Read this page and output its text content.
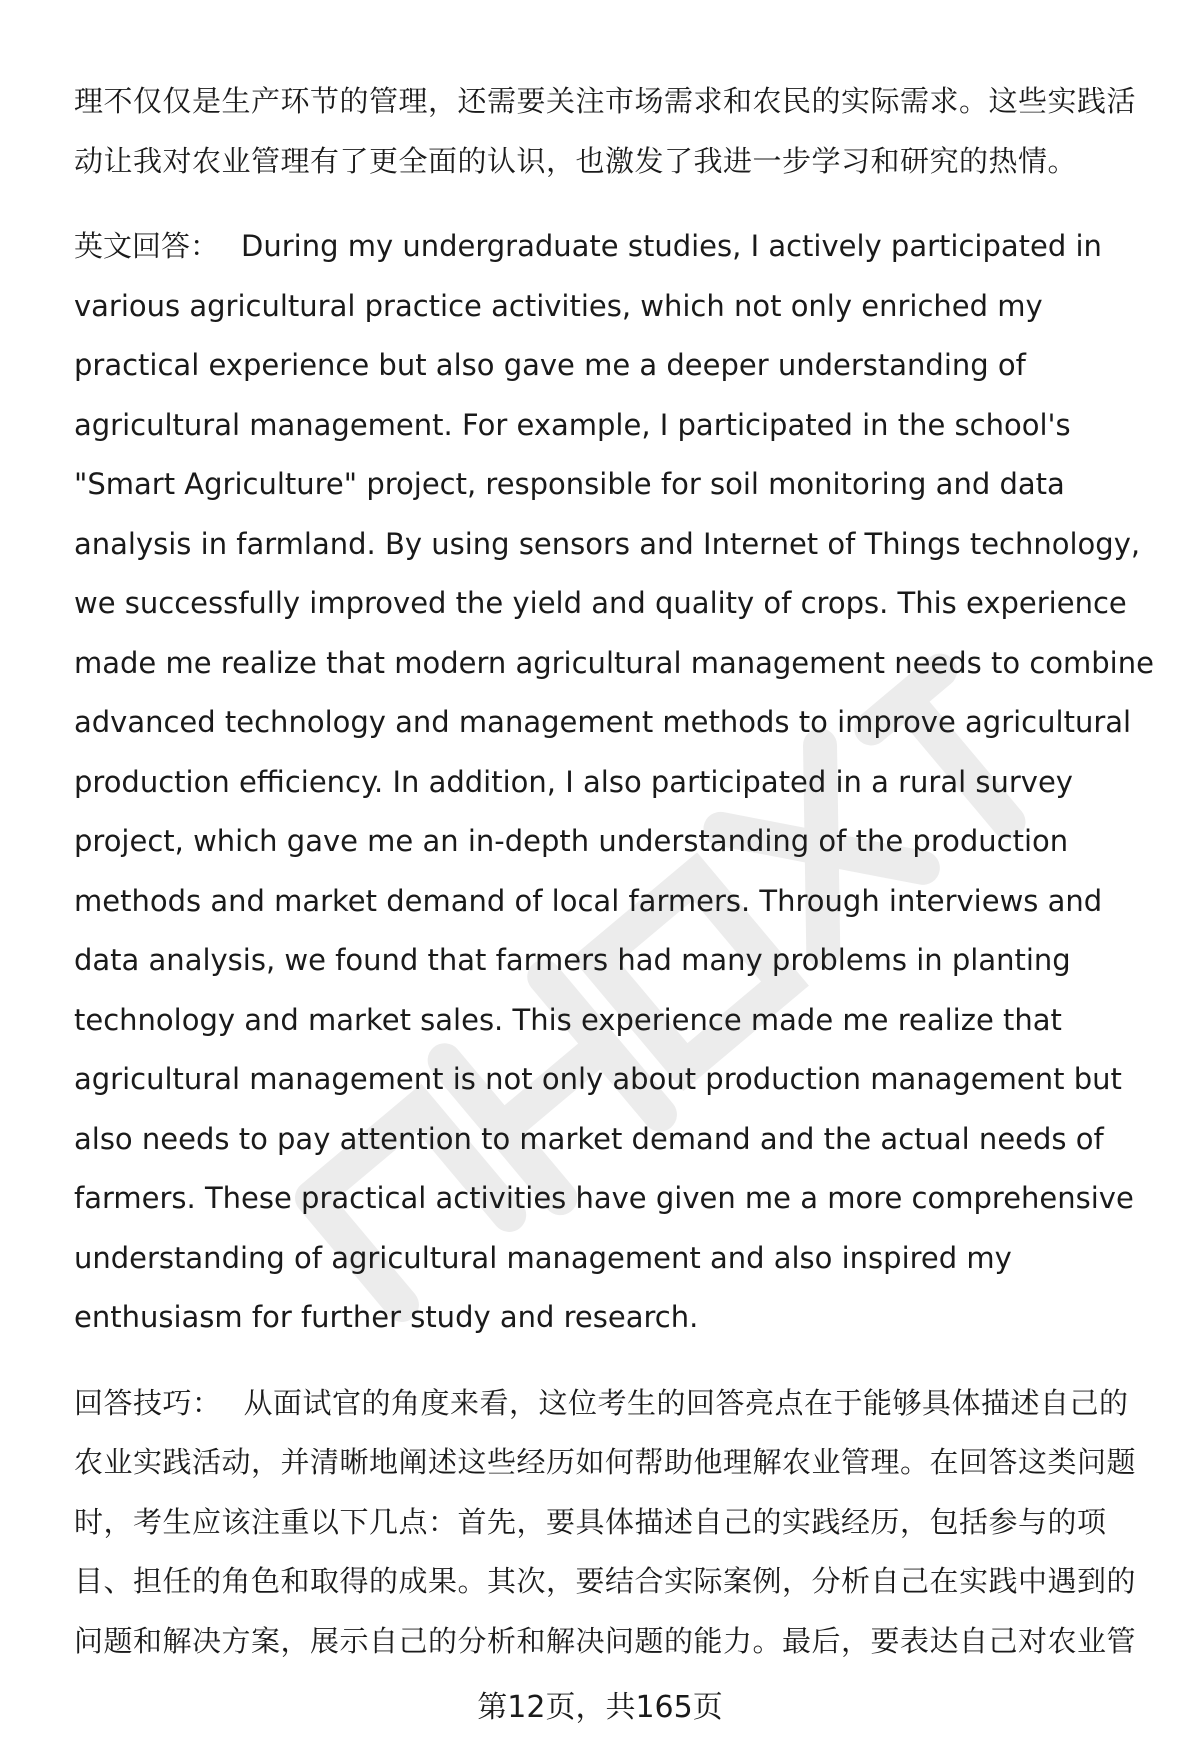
理不仅仅是生产环节的管理，还需要关注市场需求和农民的实际需求。这些实践活动让我对农业管理有了更全面的认识，也激发了我进一步学习和研究的热情。

英文回答： During my undergraduate studies, I actively participated in various agricultural practice activities, which not only enriched my practical experience but also gave me a deeper understanding of agricultural management. For example, I participated in the school's "Smart Agriculture" project, responsible for soil monitoring and data analysis in farmland. By using sensors and Internet of Things technology, we successfully improved the yield and quality of crops. This experience made me realize that modern agricultural management needs to combine advanced technology and management methods to improve agricultural production efficiency. In addition, I also participated in a rural survey project, which gave me an in-depth understanding of the production methods and market demand of local farmers. Through interviews and data analysis, we found that farmers had many problems in planting technology and market sales. This experience made me realize that agricultural management is not only about production management but also needs to pay attention to market demand and the actual needs of farmers. These practical activities have given me a more comprehensive understanding of agricultural management and also inspired my enthusiasm for further study and research.

回答技巧： 从面试官的角度来看，这位考生的回答亮点在于能够具体描述自己的农业实践活动，并清晰地阐述这些经历如何帮助他理解农业管理。在回答这类问题时，考生应该注重以下几点：首先，要具体描述自己的实践经历，包括参与的项目、担任的角色和取得的成果。其次，要结合实际案例，分析自己在实践中遇到的问题和解决方案，展示自己的分析和解决问题的能力。最后，要表达自己对农业管

第12页，共165页
